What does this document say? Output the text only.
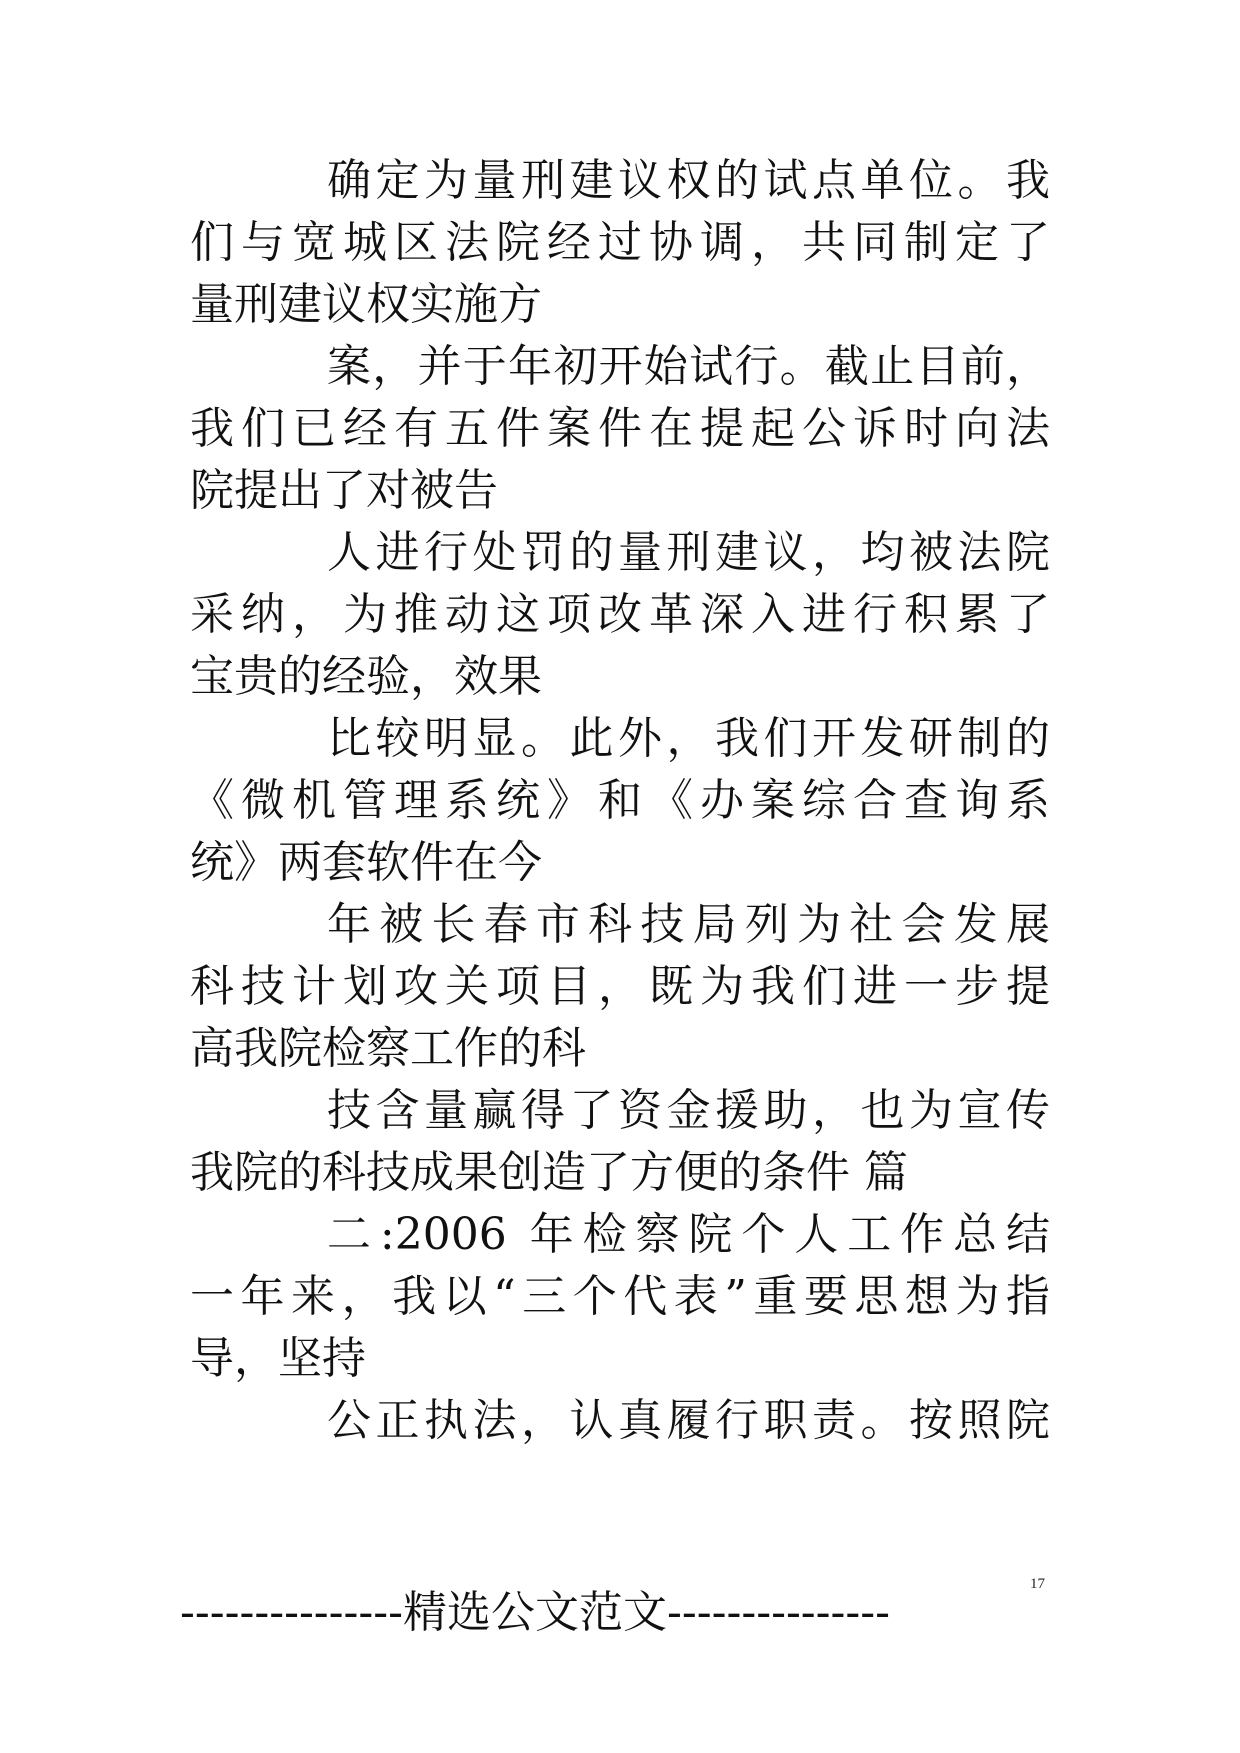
确定为量刑建议权的试点单位。我
们与宽城区法院经过协调，共同制定了
量刑建议权实施方
案，并于年初开始试行。截止目前，
我们已经有五件案件在提起公诉时向法
院提出了对被告
人进行处罚的量刑建议，均被法院
采纳，为推动这项改革深入进行积累了
宝贵的经验，效果
比较明显。此外，我们开发研制的
《微机管理系统》和《办案综合查询系
统》两套软件在今
年被长春市科技局列为社会发展
科技计划攻关项目，既为我们进一步提
高我院检察工作的科
技含量赢得了资金援助，也为宣传
我院的科技成果创造了方便的条件 篇
二:2006 年检察院个人工作总结
一年来，我以“三个代表”重要思想为指
导，坚持
公正执法，认真履行职责。按照院
---------------精选公文范文---------------
17
